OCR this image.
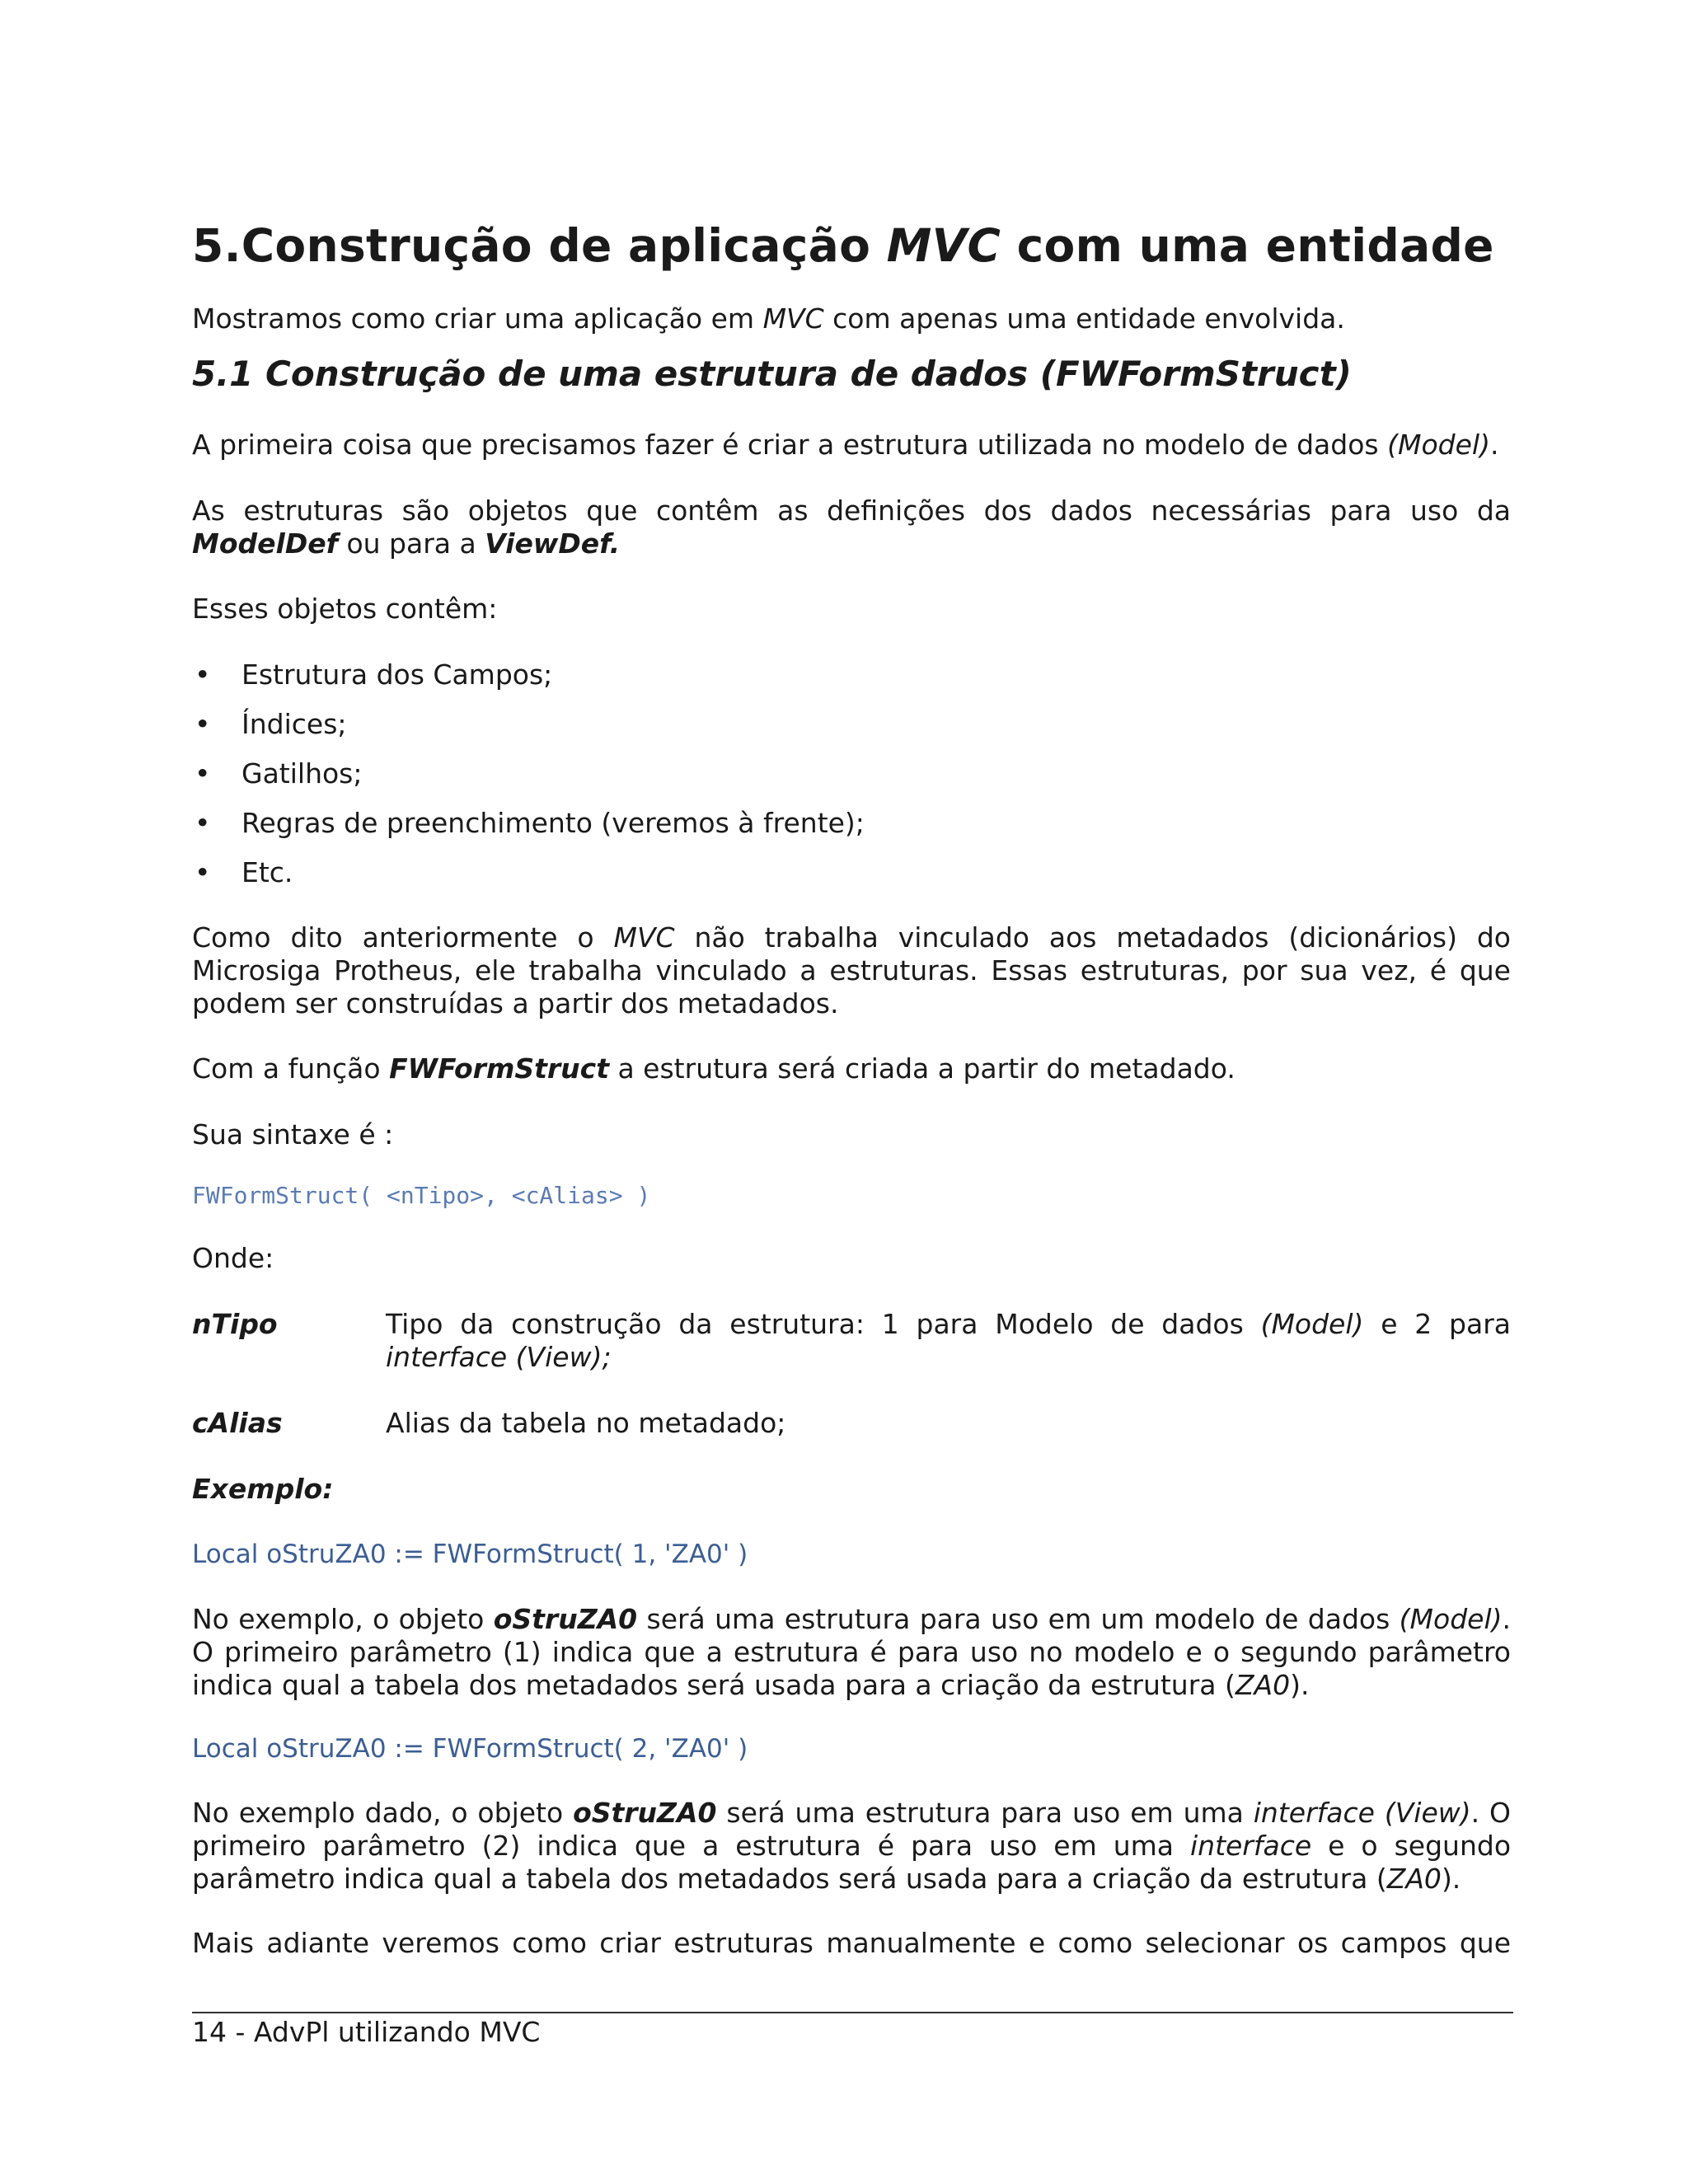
5.Construção de aplicação MVC com uma entidade

Mostramos como criar uma aplicação em MVC com apenas uma entidade envolvida.

5.1 Construção de uma estrutura de dados (FWFormStruct)

A primeira coisa que precisamos fazer é criar a estrutura utilizada no modelo de dados (Model).

As estruturas são objetos que contêm as definições dos dados necessárias para uso da ModelDef ou para a ViewDef.

Esses objetos contêm:

• Estrutura dos Campos;
• Índices;
• Gatilhos;
• Regras de preenchimento (veremos à frente);
• Etc.

Como dito anteriormente o MVC não trabalha vinculado aos metadados (dicionários) do Microsiga Protheus, ele trabalha vinculado a estruturas. Essas estruturas, por sua vez, é que podem ser construídas a partir dos metadados.

Com a função FWFormStruct a estrutura será criada a partir do metadado.

Sua sintaxe é :

FWFormStruct( <nTipo>, <cAlias> )

Onde:

nTipo	Tipo da construção da estrutura: 1 para Modelo de dados (Model) e 2 para interface (View);
cAlias	Alias da tabela no metadado;

Exemplo:

Local oStruZA0 := FWFormStruct( 1, 'ZA0' )

No exemplo, o objeto oStruZA0 será uma estrutura para uso em um modelo de dados (Model). O primeiro parâmetro (1) indica que a estrutura é para uso no modelo e o segundo parâmetro indica qual a tabela dos metadados será usada para a criação da estrutura (ZA0).

Local oStruZA0 := FWFormStruct( 2, 'ZA0' )

No exemplo dado, o objeto oStruZA0 será uma estrutura para uso em uma interface (View). O primeiro parâmetro (2) indica que a estrutura é para uso em uma interface e o segundo parâmetro indica qual a tabela dos metadados será usada para a criação da estrutura (ZA0).

Mais adiante veremos como criar estruturas manualmente e como selecionar os campos que

14 - AdvPl utilizando MVC
